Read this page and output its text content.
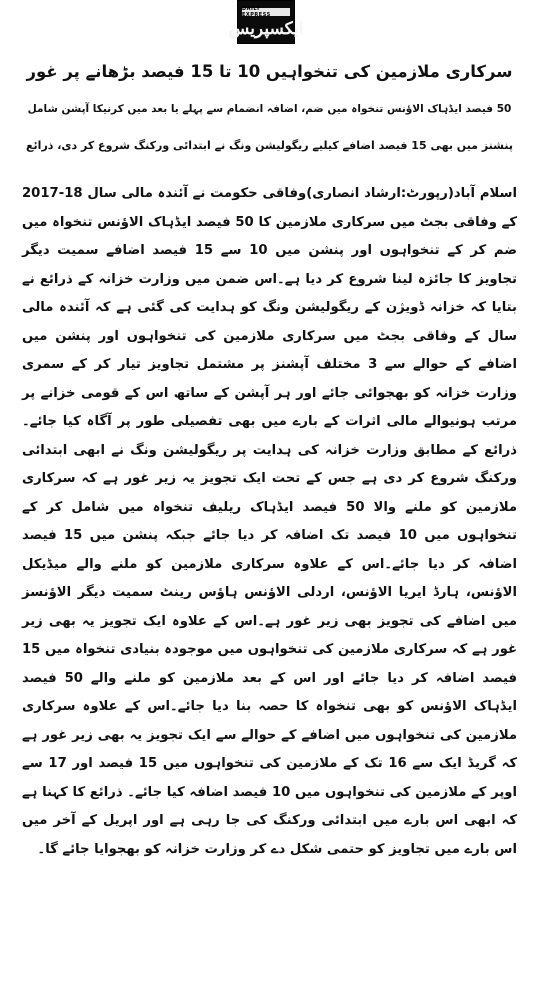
DAILY EXPRESS
ایکسپریس
سرکاری ملازمین کی تنخواہیں 10 تا 15 فیصد بڑھانے پر غور
50 فیصد ایڈہاک الاؤنس تنخواہ میں ضم، اضافہ انضمام سے پہلے یا بعد میں کرنیکا آپشن شامل
پنشنز میں بھی 15 فیصد اضافے کیلیے ریگولیشن ونگ نے ابتدائی ورکنگ شروع کر دی، ذرائع
اسلام آباد(رپورٹ:ارشاد انصاری)وفاقی حکومت نے آئندہ مالی سال 18-2017 کے وفاقی بجٹ میں سرکاری ملازمین کا 50 فیصد ایڈہاک الاؤنس تنخواہ میں ضم کر کے تنخواہوں اور پنشن میں 10 سے 15 فیصد اضافے سمیت دیگر تجاویز کا جائزہ لینا شروع کر دیا ہے۔اس ضمن میں وزارت خزانہ کے ذرائع نے بتایا کہ خزانہ ڈویژن کے ریگولیشن ونگ کو ہدایت کی گئی ہے کہ آئندہ مالی سال کے وفاقی بجٹ میں سرکاری ملازمین کی تنخواہوں اور پنشن میں اضافے کے حوالے سے 3 مختلف آپشنز پر مشتمل تجاویز تیار کر کے سمری وزارت خزانہ کو بھجوائی جائے اور ہر آپشن کے ساتھ اس کے قومی خزانے پر مرتب ہونیوالے مالی اثرات کے بارے میں بھی تفصیلی طور پر آگاہ کیا جائے۔ ذرائع کے مطابق وزارت خزانہ کی ہدایت پر ریگولیشن ونگ نے ابھی ابتدائی ورکنگ شروع کر دی ہے جس کے تحت ایک تجویز یہ زیر غور ہے کہ سرکاری ملازمین کو ملنے والا 50 فیصد ایڈہاک ریلیف تنخواہ میں شامل کر کے تنخواہوں میں 10 فیصد تک اضافہ کر دیا جائے جبکہ پنشن میں 15 فیصد اضافہ کر دیا جائے۔اس کے علاوہ سرکاری ملازمین کو ملنے والے میڈیکل الاؤنس، ہارڈ ایریا الاؤنس، اردلی الاؤنس ہاؤس رینٹ سمیت دیگر الاؤنسز میں اضافے کی تجویز بھی زیر غور ہے۔اس کے علاوہ ایک تجویز یہ بھی زیر غور ہے کہ سرکاری ملازمین کی تنخواہوں میں موجودہ بنیادی تنخواہ میں 15 فیصد اضافہ کر دیا جائے اور اس کے بعد ملازمین کو ملنے والے 50 فیصد ایڈہاک الاؤنس کو بھی تنخواہ کا حصہ بنا دیا جائے۔اس کے علاوہ سرکاری ملازمین کی تنخواہوں میں اضافے کے حوالے سے ایک تجویز یہ بھی زیر غور ہے کہ گریڈ ایک سے 16 تک کے ملازمین کی تنخواہوں میں 15 فیصد اور 17 سے اوپر کے ملازمین کی تنخواہوں میں 10 فیصد اضافہ کیا جائے۔ ذرائع کا کہنا ہے کہ ابھی اس بارے میں ابتدائی ورکنگ کی جا رہی ہے اور اپریل کے آخر میں اس بارے میں تجاویز کو حتمی شکل دے کر وزارت خزانہ کو بھجوایا جائے گا۔
